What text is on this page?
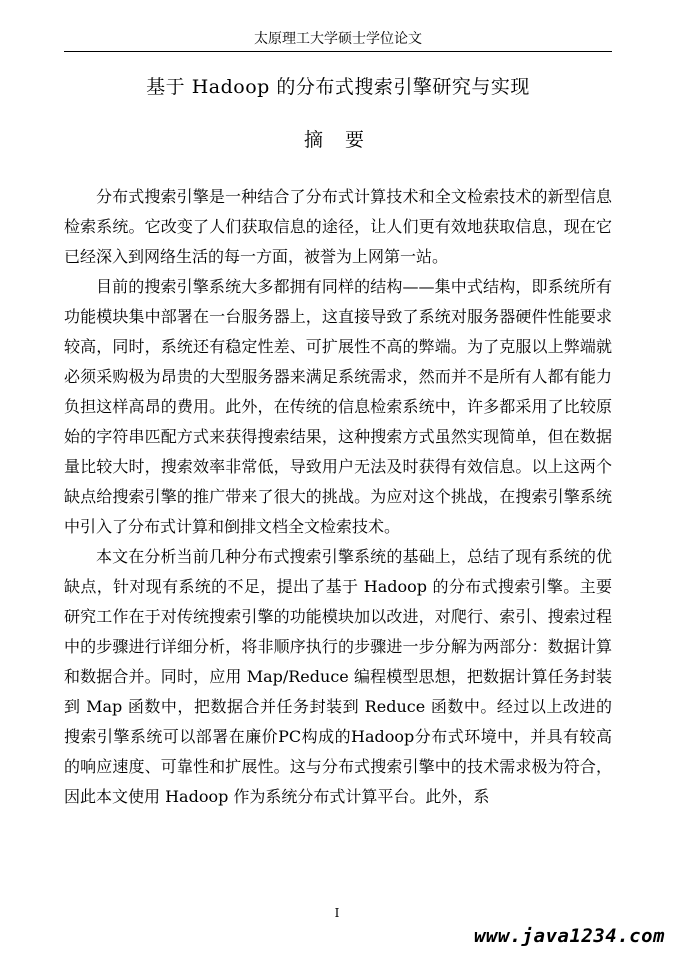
太原理工大学硕士学位论文
基于 Hadoop 的分布式搜索引擎研究与实现
摘 要

分布式搜索引擎是一种结合了分布式计算技术和全文检索技术的新型信息检索系统。它改变了人们获取信息的途径，让人们更有效地获取信息，现在它已经深入到网络生活的每一方面，被誉为上网第一站。

目前的搜索引擎系统大多都拥有同样的结构——集中式结构，即系统所有功能模块集中部署在一台服务器上，这直接导致了系统对服务器硬件性能要求较高，同时，系统还有稳定性差、可扩展性不高的弊端。为了克服以上弊端就必须采购极为昂贵的大型服务器来满足系统需求，然而并不是所有人都有能力负担这样高昂的费用。此外，在传统的信息检索系统中，许多都采用了比较原始的字符串匹配方式来获得搜索结果，这种搜索方式虽然实现简单，但在数据量比较大时，搜索效率非常低，导致用户无法及时获得有效信息。以上这两个缺点给搜索引擎的推广带来了很大的挑战。为应对这个挑战，在搜索引擎系统中引入了分布式计算和倒排文档全文检索技术。

本文在分析当前几种分布式搜索引擎系统的基础上，总结了现有系统的优缺点，针对现有系统的不足，提出了基于 Hadoop 的分布式搜索引擎。主要研究工作在于对传统搜索引擎的功能模块加以改进，对爬行、索引、搜索过程中的步骤进行详细分析，将非顺序执行的步骤进一步分解为两部分：数据计算和数据合并。同时，应用 Map/Reduce 编程模型思想，把数据计算任务封装到 Map 函数中，把数据合并任务封装到 Reduce 函数中。经过以上改进的搜索引擎系统可以部署在廉价PC构成的Hadoop分布式环境中，并具有较高的响应速度、可靠性和扩展性。这与分布式搜索引擎中的技术需求极为符合，因此本文使用 Hadoop 作为系统分布式计算平台。此外，系

I
www.java1234.com
